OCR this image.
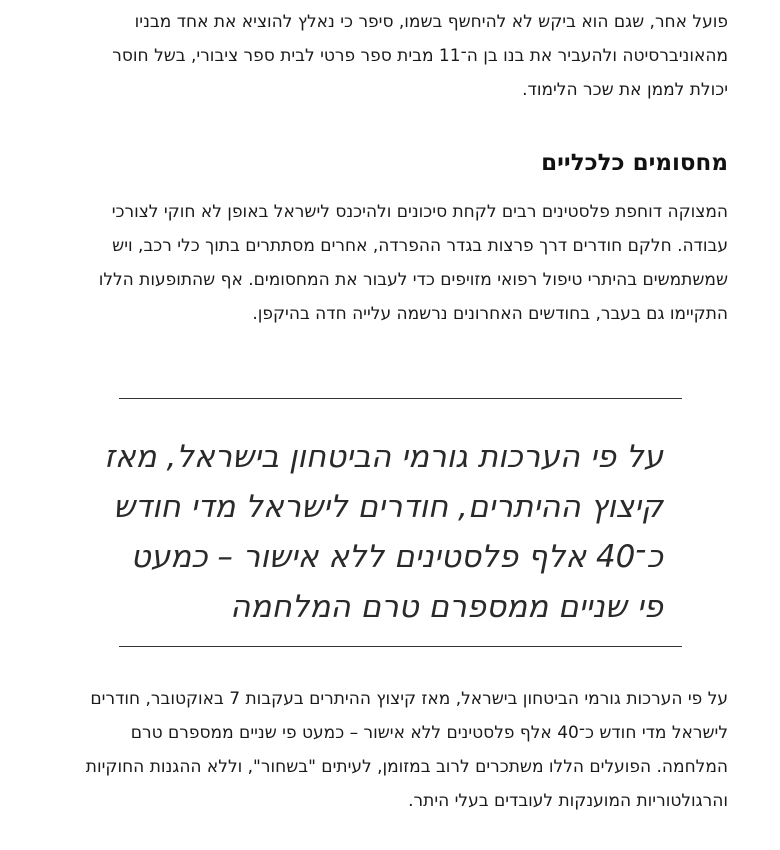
פועל אחר, שגם הוא ביקש לא להיחשף בשמו, סיפר כי נאלץ להוציא את אחד מבניו מהאוניברסיטה ולהעביר את בנו בן ה־11 מבית ספר פרטי לבית ספר ציבורי, בשל חוסר יכולת לממן את שכר הלימוד.

מחסומים כלכליים

המצוקה דוחפת פלסטינים רבים לקחת סיכונים ולהיכנס לישראל באופן לא חוקי לצורכי עבודה. חלקם חודרים דרך פרצות בגדר ההפרדה, אחרים מסתתרים בתוך כלי רכב, ויש שמשתמשים בהיתרי טיפול רפואי מזויפים כדי לעבור את המחסומים. אף שהתופעות הללו התקיימו גם בעבר, בחודשים האחרונים נרשמה עלייה חדה בהיקפן.

על פי הערכות גורמי הביטחון בישראל, מאז קיצוץ ההיתרים, חודרים לישראל מדי חודש כ־40 אלף פלסטינים ללא אישור – כמעט פי שניים ממספרם טרם המלחמה

על פי הערכות גורמי הביטחון בישראל, מאז קיצוץ ההיתרים בעקבות 7 באוקטובר, חודרים לישראל מדי חודש כ־40 אלף פלסטינים ללא אישור – כמעט פי שניים ממספרם טרם המלחמה. הפועלים הללו משתכרים לרוב במזומן, לעיתים "בשחור", וללא ההגנות החוקיות והרגולטוריות המוענקות לעובדים בעלי היתר.
